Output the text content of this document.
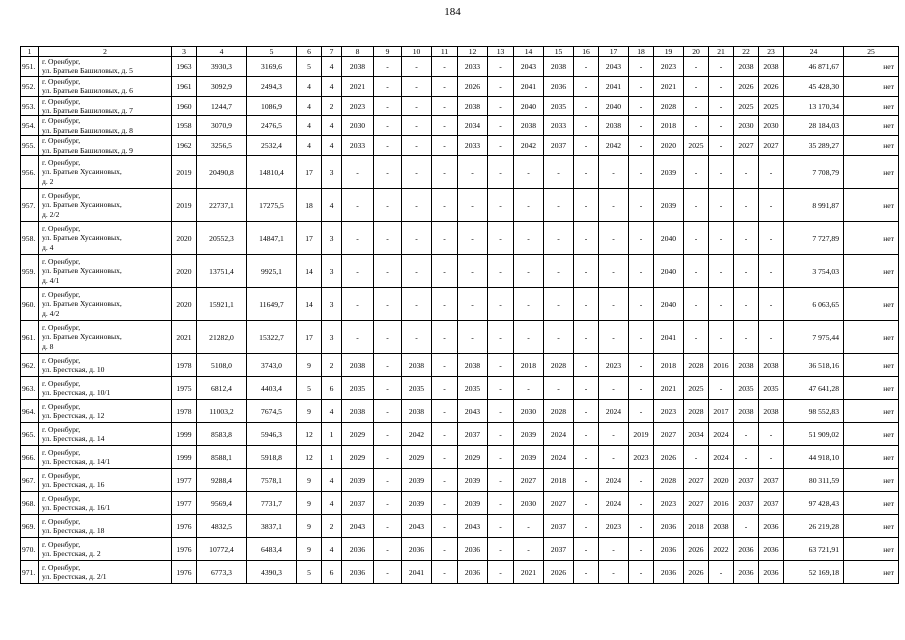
184
1	2	3	4	5	6	7	8	9	10	11	12	13	14	15	16	17	18	19	20	21	22	23	24	25
951.	г. Оренбург,
ул. Братьев Башиловых, д. 5	1963	3930,3	3169,6	5	4	2038	-	-	-	2033	-	2043	2038	-	2043	-	2023	-	-	2038	2038	46 871,67	нет
952.	г. Оренбург,
ул. Братьев Башиловых, д. 6	1961	3092,9	2494,3	4	4	2021	-	-	-	2026	-	2041	2036	-	2041	-	2021	-	-	2026	2026	45 428,30	нет
953.	г. Оренбург,
ул. Братьев Башиловых, д. 7	1960	1244,7	1086,9	4	2	2023	-	-	-	2038	-	2040	2035	-	2040	-	2028	-	-	2025	2025	13 170,34	нет
954.	г. Оренбург,
ул. Братьев Башиловых, д. 8	1958	3070,9	2476,5	4	4	2030	-	-	-	2034	-	2038	2033	-	2038	-	2018	-	-	2030	2030	28 184,03	нет
955.	г. Оренбург,
ул. Братьев Башиловых, д. 9	1962	3256,5	2532,4	4	4	2033	-	-	-	2033	-	2042	2037	-	2042	-	2020	2025	-	2027	2027	35 289,27	нет
956.	г. Оренбург,
ул. Братьев Хусаиновых,
д. 2	2019	20490,8	14810,4	17	3	-	-	-	-	-	-	-	-	-	-	-	2039	-	-	-	-	7 708,79	нет
957.	г. Оренбург,
ул. Братьев Хусаиновых,
д. 2/2	2019	22737,1	17275,5	18	4	-	-	-	-	-	-	-	-	-	-	-	2039	-	-	-	-	8 991,87	нет
958.	г. Оренбург,
ул. Братьев Хусаиновых,
д. 4	2020	20552,3	14847,1	17	3	-	-	-	-	-	-	-	-	-	-	-	2040	-	-	-	-	7 727,89	нет
959.	г. Оренбург,
ул. Братьев Хусаиновых,
д. 4/1	2020	13751,4	9925,1	14	3	-	-	-	-	-	-	-	-	-	-	-	2040	-	-	-	-	3 754,03	нет
960.	г. Оренбург,
ул. Братьев Хусаиновых,
д. 4/2	2020	15921,1	11649,7	14	3	-	-	-	-	-	-	-	-	-	-	-	2040	-	-	-	-	6 063,65	нет
961.	г. Оренбург,
ул. Братьев Хусаиновых,
д. 8	2021	21282,0	15322,7	17	3	-	-	-	-	-	-	-	-	-	-	-	2041	-	-	-	-	7 975,44	нет
962.	г. Оренбург,
ул. Брестская, д. 10	1978	5108,0	3743,0	9	2	2038	-	2038	-	2038	-	2018	2028	-	2023	-	2018	2028	2016	2038	2038	36 518,16	нет
963.	г. Оренбург,
ул. Брестская, д. 10/1	1975	6812,4	4403,4	5	6	2035	-	2035	-	2035	-	-	-	-	-	-	2021	2025	-	2035	2035	47 641,28	нет
964.	г. Оренбург,
ул. Брестская, д. 12	1978	11003,2	7674,5	9	4	2038	-	2038	-	2043	-	2030	2028	-	2024	-	2023	2028	2017	2038	2038	98 552,83	нет
965.	г. Оренбург,
ул. Брестская, д. 14	1999	8583,8	5946,3	12	1	2029	-	2042	-	2037	-	2039	2024	-	-	2019	2027	2034	2024	-	-	51 909,02	нет
966.	г. Оренбург,
ул. Брестская, д. 14/1	1999	8588,1	5918,8	12	1	2029	-	2029	-	2029	-	2039	2024	-	-	2023	2026	-	2024	-	-	44 918,10	нет
967.	г. Оренбург,
ул. Брестская, д. 16	1977	9288,4	7578,1	9	4	2039	-	2039	-	2039	-	2027	2018	-	2024	-	2028	2027	2020	2037	2037	80 311,59	нет
968.	г. Оренбург,
ул. Брестская, д. 16/1	1977	9569,4	7731,7	9	4	2037	-	2039	-	2039	-	2030	2027	-	2024	-	2023	2027	2016	2037	2037	97 428,43	нет
969.	г. Оренбург,
ул. Брестская, д. 18	1976	4832,5	3837,1	9	2	2043	-	2043	-	2043	-	-	2037	-	2023	-	2036	2018	2038	-	2036	26 219,28	нет
970.	г. Оренбург,
ул. Брестская, д. 2	1976	10772,4	6483,4	9	4	2036	-	2036	-	2036	-	-	2037	-	-	-	2036	2026	2022	2036	2036	63 721,91	нет
971.	г. Оренбург,
ул. Брестская, д. 2/1	1976	6773,3	4390,3	5	6	2036	-	2041	-	2036	-	2021	2026	-	-	-	2036	2026	-	2036	2036	52 169,18	нет
